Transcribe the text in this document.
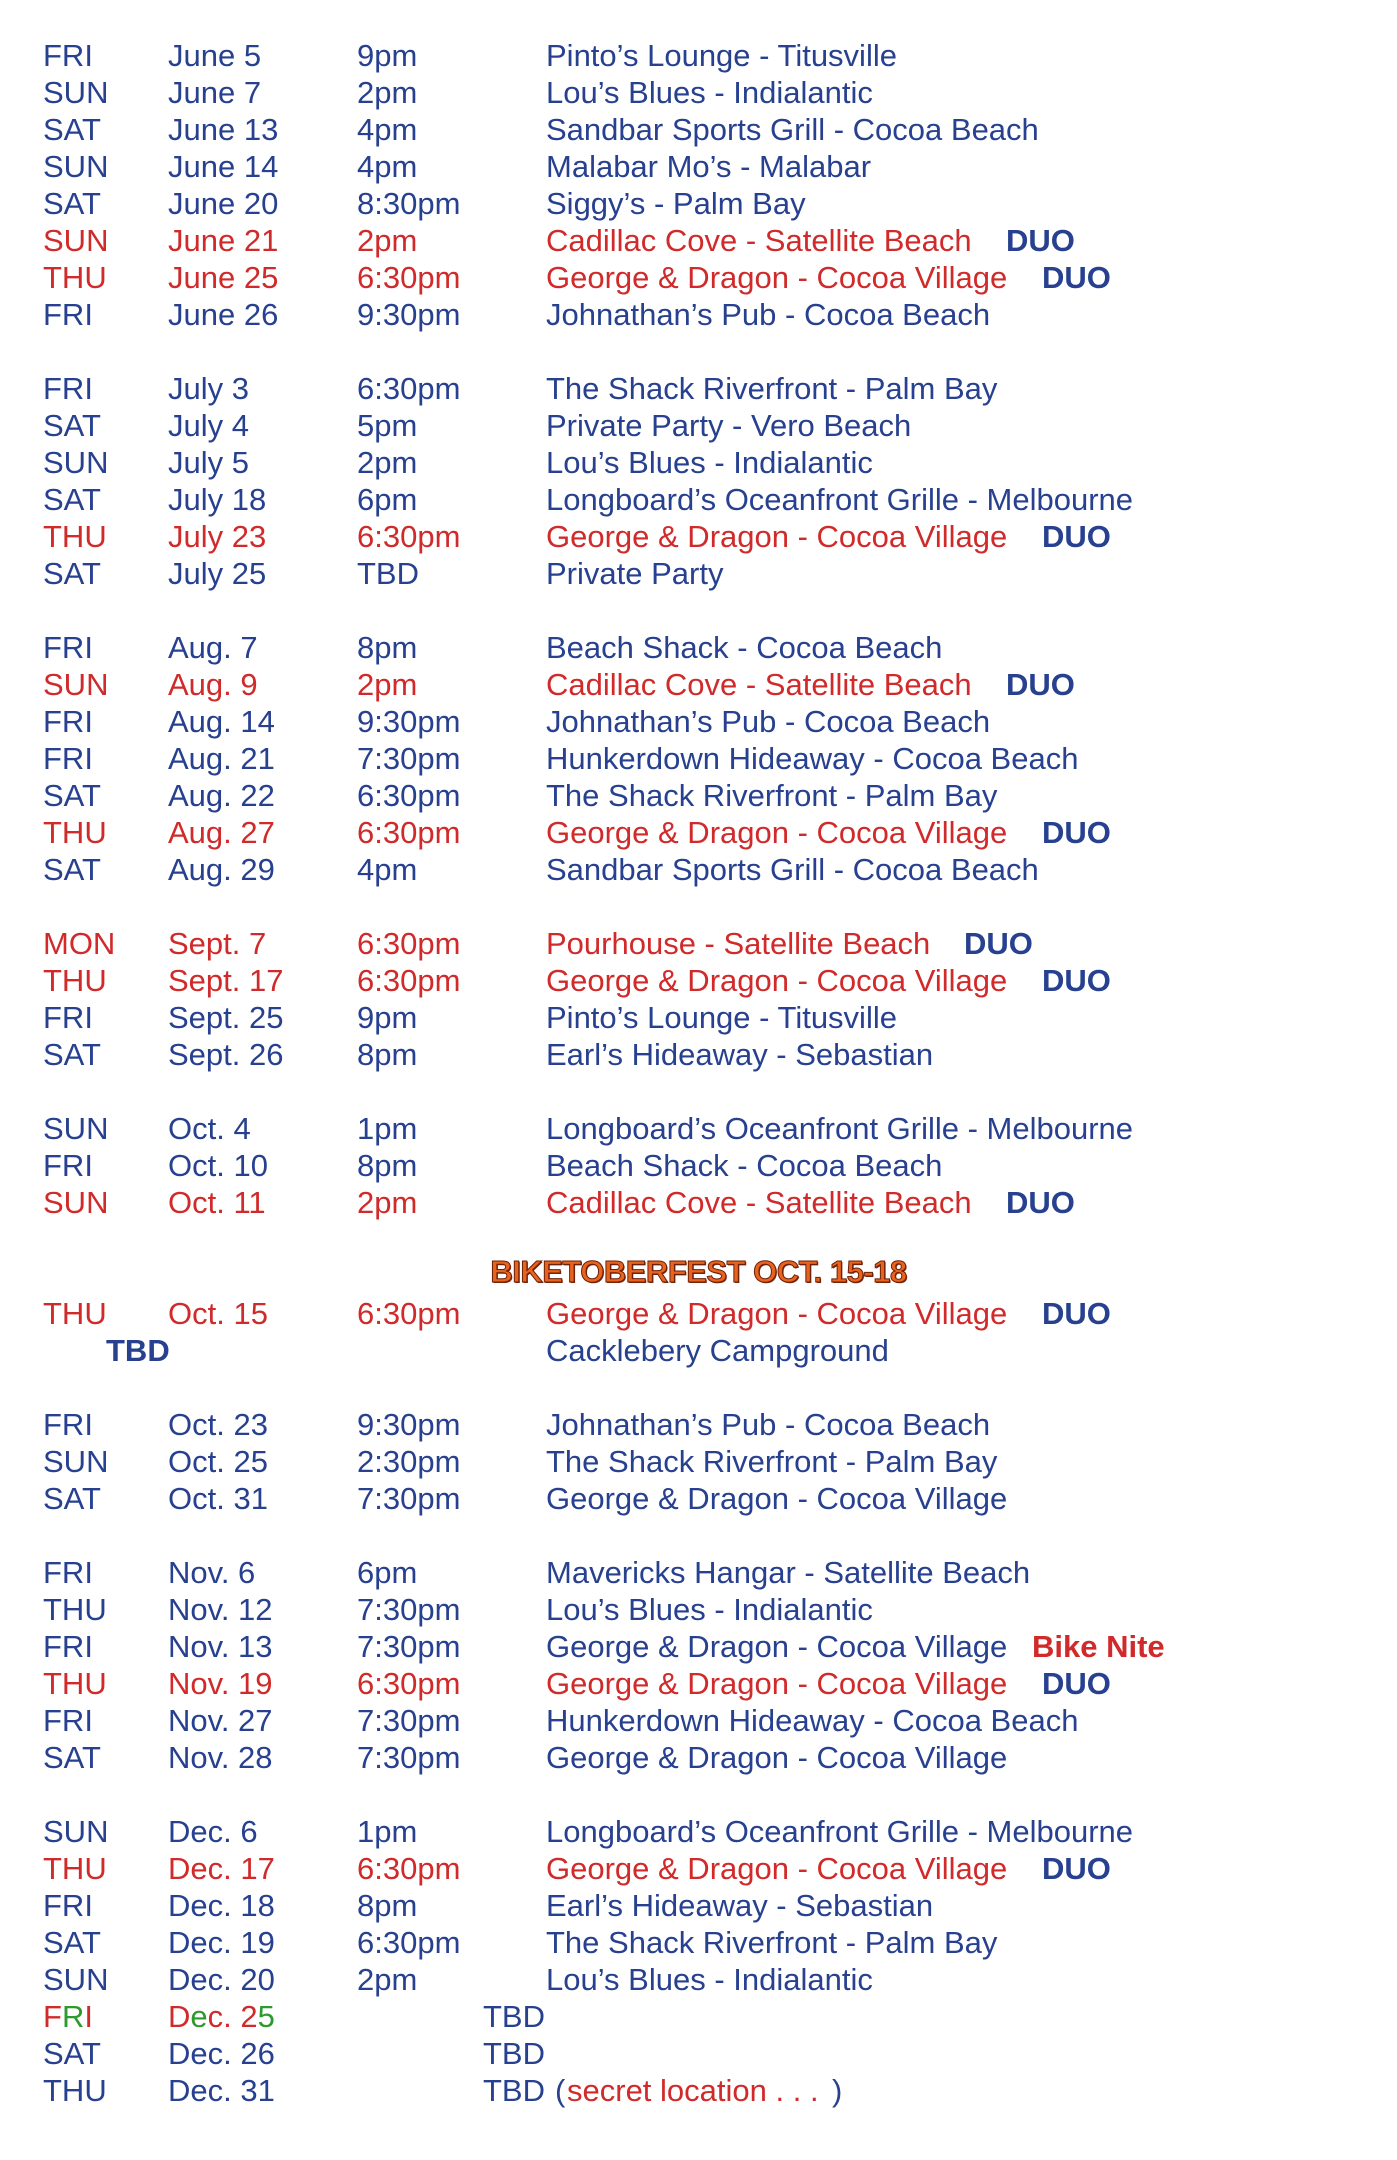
FRI June 5	9pm	Pinto’s Lounge - Titusville
SUN June 7	2pm	Lou’s Blues - Indialantic
SAT June 13	4pm	Sandbar Sports Grill - Cocoa Beach
SUN June 14	4pm	Malabar Mo’s - Malabar
SAT June 20	8:30pm	Siggy’s - Palm Bay
SUN June 21	2pm	Cadillac Cove - Satellite Beach DUO
THU June 25	6:30pm	George & Dragon - Cocoa Village DUO
FRI June 26	9:30pm	Johnathan’s Pub - Cocoa Beach
FRI July 3	6:30pm	The Shack Riverfront - Palm Bay
SAT July 4	5pm	Private Party - Vero Beach
SUN July 5	2pm	Lou’s Blues - Indialantic
SAT July 18	6pm	Longboard’s Oceanfront Grille - Melbourne
THU July 23	6:30pm	George & Dragon - Cocoa Village DUO
SAT July 25	TBD	Private Party
FRI Aug. 7	8pm	Beach Shack - Cocoa Beach
SUN Aug. 9	2pm	Cadillac Cove - Satellite Beach DUO
FRI Aug. 14	9:30pm	Johnathan’s Pub - Cocoa Beach
FRI Aug. 21	7:30pm	Hunkerdown Hideaway - Cocoa Beach
SAT Aug. 22	6:30pm	The Shack Riverfront - Palm Bay
THU Aug. 27	6:30pm	George & Dragon - Cocoa Village DUO
SAT Aug. 29	4pm	Sandbar Sports Grill - Cocoa Beach
MON Sept. 7	6:30pm	Pourhouse - Satellite Beach DUO
THU Sept. 17 6:30pm	George & Dragon - Cocoa Village DUO
FRI Sept. 25 9pm	Pinto’s Lounge - Titusville
SAT Sept. 26 8pm	Earl’s Hideaway - Sebastian
SUN Oct. 4	1pm	Longboard’s Oceanfront Grille - Melbourne
FRI Oct. 10	8pm	Beach Shack - Cocoa Beach
SUN Oct. 11	2pm	Cadillac Cove - Satellite Beach DUO
THU Oct. 15	6:30pm	George & Dragon - Cocoa Village DUO
TBD	Cacklebery Campground
FRI Oct. 23	9:30pm	Johnathan’s Pub - Cocoa Beach
SUN Oct. 25	2:30pm	The Shack Riverfront - Palm Bay
SAT Oct. 31	7:30pm	George & Dragon - Cocoa Village
FRI Nov. 6	6pm	Mavericks Hangar - Satellite Beach
THU Nov. 12	7:30pm	Lou’s Blues - Indialantic
FRI Nov. 13	7:30pm	George & Dragon - Cocoa Village Bike Nite
THU Nov. 19	6:30pm	George & Dragon - Cocoa Village DUO
FRI Nov. 27	7:30pm	Hunkerdown Hideaway - Cocoa Beach
SAT Nov. 28	7:30pm	George & Dragon - Cocoa Village
SUN Dec. 6	1pm	Longboard’s Oceanfront Grille - Melbourne
THU Dec. 17	6:30pm	George & Dragon - Cocoa Village DUO
FRI Dec. 18	8pm	Earl’s Hideaway - Sebastian
SAT Dec. 19	6:30pm	The Shack Riverfront - Palm Bay
SUN Dec. 20	2pm	Lou’s Blues - Indialantic
FRI Dec. 25	TBD
SAT Dec. 26	TBD
THU Dec. 31	TBD ( secret location . . . )
BIKETOBERFEST OCT. 15-18
